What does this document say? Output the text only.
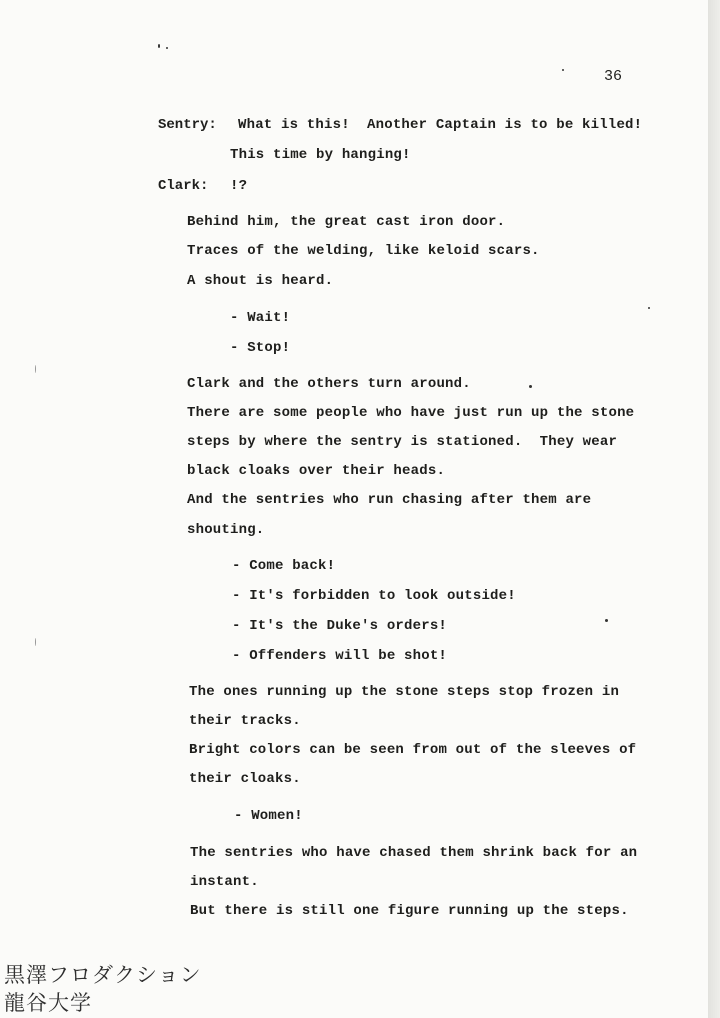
36
Sentry: What is this!  Another Captain is to be killed!
This time by hanging!
Clark: !?
Behind him, the great cast iron door.
Traces of the welding, like keloid scars.
A shout is heard.
- Wait!
- Stop!
Clark and the others turn around.
There are some people who have just run up the stone
steps by where the sentry is stationed.  They wear
black cloaks over their heads.
And the sentries who run chasing after them are
shouting.
- Come back!
- It's forbidden to look outside!
- It's the Duke's orders!
- Offenders will be shot!
The ones running up the stone steps stop frozen in
their tracks.
Bright colors can be seen from out of the sleeves of
their cloaks.
- Women!
The sentries who have chased them shrink back for an
instant.
But there is still one figure running up the steps.
黒澤フロダクション
龍谷大学
